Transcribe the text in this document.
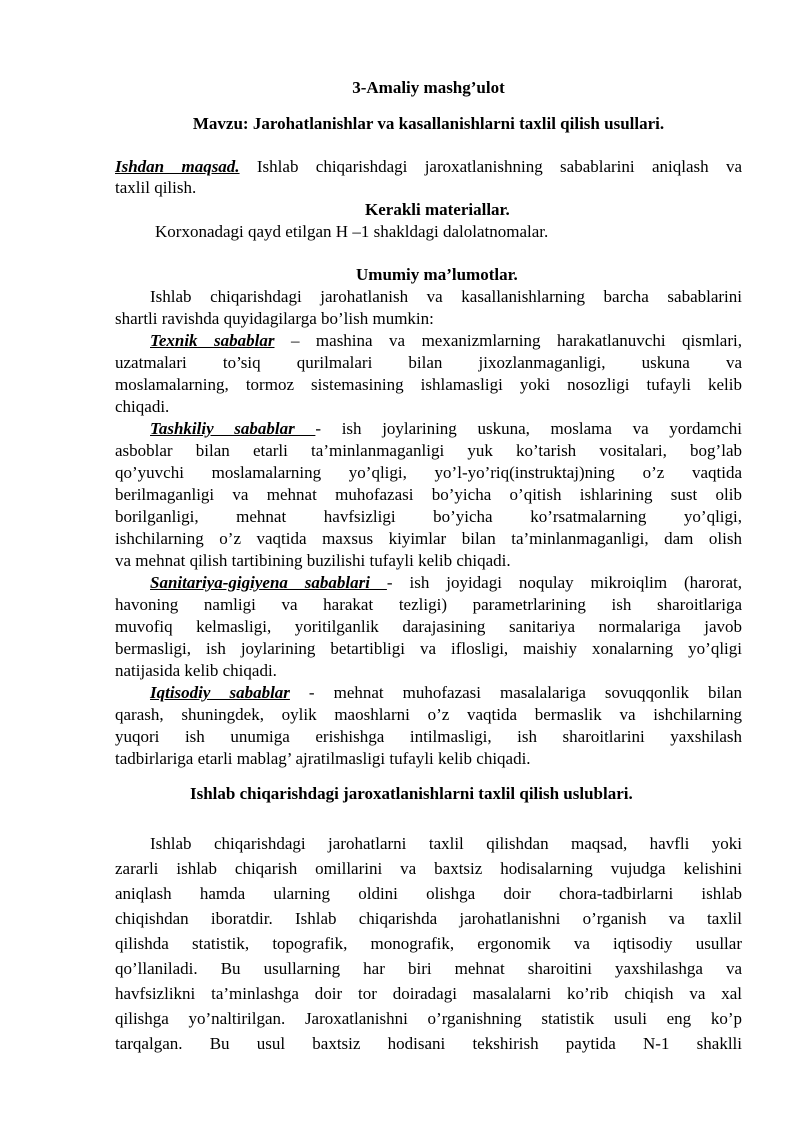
3-Amaliy mashg’ulot
Mavzu: Jarohatlanishlar va kasallanishlarni taxlil qilish usullari.
Ishdan maqsad. Ishlab chiqarishdagi jaroxatlanishning sabablarini aniqlash va
taxlil qilish.
Kerakli materiallar.
Korxonadagi qayd etilgan H –1 shakldagi dalolatnomalar.
Umumiy ma’lumotlar.
Ishlab chiqarishdagi jarohatlanish va kasallanishlarning barcha sabablarini
shartli ravishda quyidagilarga bo’lish mumkin:
Texnik sabablar – mashina va mexanizmlarning harakatlanuvchi qismlari,
uzatmalari to’siq qurilmalari bilan jixozlanmaganligi, uskuna va
moslamalarning, tormoz sistemasining ishlamasligi yoki nosozligi tufayli kelib
chiqadi.
Tashkiliy sabablar - ish joylarining uskuna, moslama va yordamchi
asboblar bilan etarli ta’minlanmaganligi yuk ko’tarish vositalari, bog’lab
qo’yuvchi moslamalarning yo’qligi, yo’l-yo’riq(instruktaj)ning o’z vaqtida
berilmaganligi va mehnat muhofazasi bo’yicha o’qitish ishlarining sust olib
borilganligi, mehnat havfsizligi bo’yicha ko’rsatmalarning yo’qligi,
ishchilarning o’z vaqtida maxsus kiyimlar bilan ta’minlanmaganligi, dam olish
va mehnat qilish tartibining buzilishi tufayli kelib chiqadi.
Sanitariya-gigiyena sabablari - ish joyidagi noqulay mikroiqlim (harorat,
havoning namligi va harakat tezligi) parametrlarining ish sharoitlariga
muvofiq kelmasligi, yoritilganlik darajasining sanitariya normalariga javob
bermasligi, ish joylarining betartibligi va iflosligi, maishiy xonalarning yo’qligi
natijasida kelib chiqadi.
Iqtisodiy sabablar - mehnat muhofazasi masalalariga sovuqqonlik bilan
qarash, shuningdek, oylik maoshlarni o’z vaqtida bermaslik va ishchilarning
yuqori ish unumiga erishishga intilmasligi, ish sharoitlarini yaxshilash
tadbirlariga etarli mablag’ ajratilmasligi tufayli kelib chiqadi.
Ishlab chiqarishdagi jaroxatlanishlarni taxlil qilish uslublari.
Ishlab chiqarishdagi jarohatlarni taxlil qilishdan maqsad, havfli yoki
zararli ishlab chiqarish omillarini va baxtsiz hodisalarning vujudga kelishini
aniqlash hamda ularning oldini olishga doir chora-tadbirlarni ishlab
chiqishdan iboratdir. Ishlab chiqarishda jarohatlanishni o’rganish va taxlil
qilishda statistik, topografik, monografik, ergonomik va iqtisodiy usullar
qo’llaniladi. Bu usullarning har biri mehnat sharoitini yaxshilashga va
havfsizlikni ta’minlashga doir tor doiradagi masalalarni ko’rib chiqish va xal
qilishga yo’naltirilgan. Jaroxatlanishni o’rganishning statistik usuli eng ko’p
tarqalgan. Bu usul baxtsiz hodisani tekshirish paytida N-1 shaklli
